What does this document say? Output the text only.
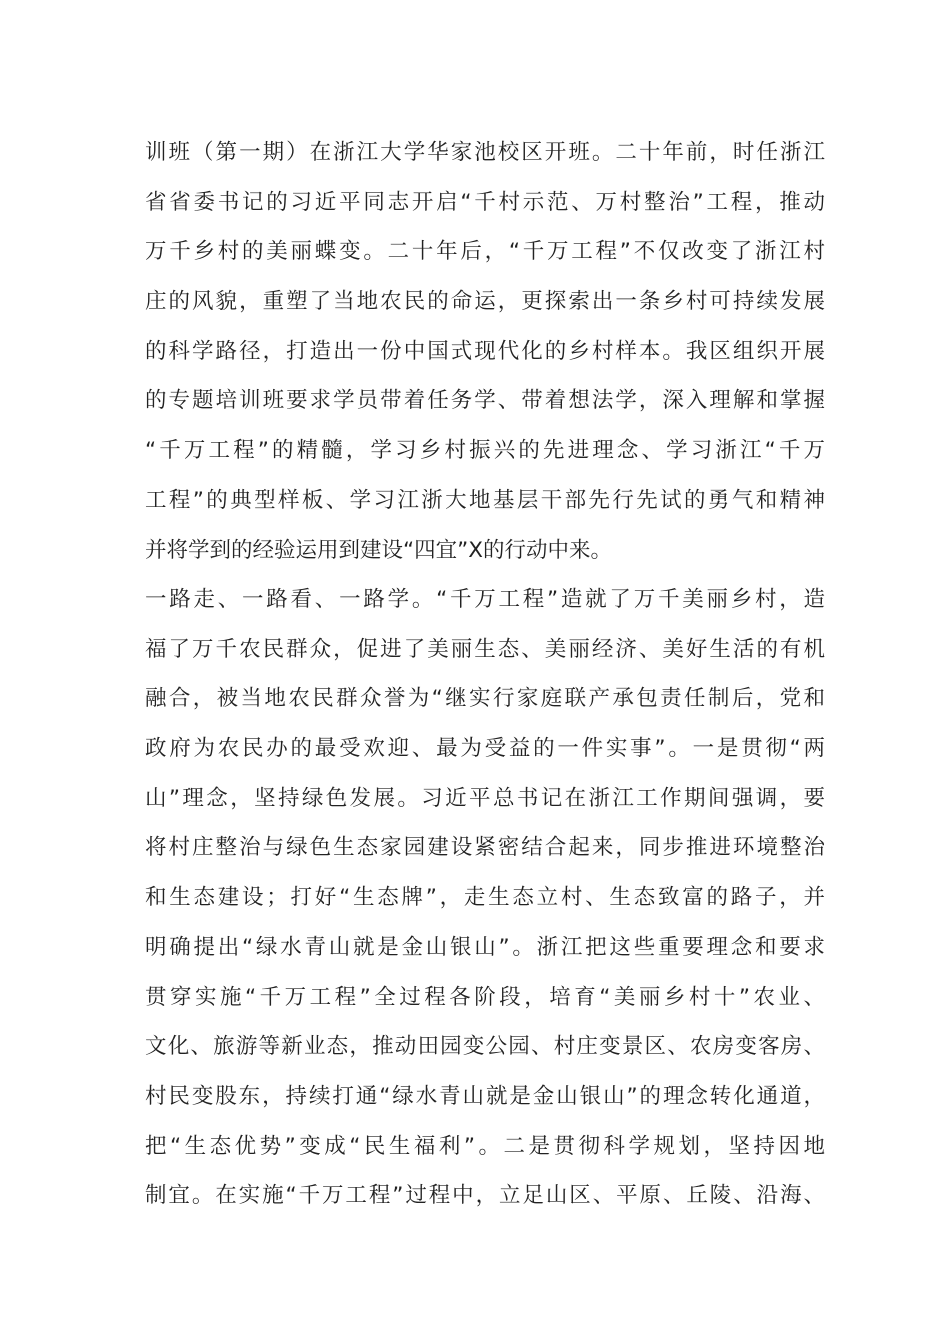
训班（第一期）在浙江大学华家池校区开班。二十年前，时任浙江
省省委书记的习近平同志开启“千村示范、万村整治”工程，推动
万千乡村的美丽蝶变。二十年后，“千万工程”不仅改变了浙江村
庄的风貌，重塑了当地农民的命运，更探索出一条乡村可持续发展
的科学路径，打造出一份中国式现代化的乡村样本。我区组织开展
的专题培训班要求学员带着任务学、带着想法学，深入理解和掌握
“千万工程”的精髓，学习乡村振兴的先进理念、学习浙江“千万
工程”的典型样板、学习江浙大地基层干部先行先试的勇气和精神
并将学到的经验运用到建设“四宜”X的行动中来。
一路走、一路看、一路学。“千万工程”造就了万千美丽乡村，造
福了万千农民群众，促进了美丽生态、美丽经济、美好生活的有机
融合，被当地农民群众誉为“继实行家庭联产承包责任制后，党和
政府为农民办的最受欢迎、最为受益的一件实事”。一是贯彻“两
山”理念，坚持绿色发展。习近平总书记在浙江工作期间强调，要
将村庄整治与绿色生态家园建设紧密结合起来，同步推进环境整治
和生态建设；打好“生态牌”，走生态立村、生态致富的路子，并
明确提出“绿水青山就是金山银山”。浙江把这些重要理念和要求
贯穿实施“千万工程”全过程各阶段，培育“美丽乡村十”农业、
文化、旅游等新业态，推动田园变公园、村庄变景区、农房变客房、
村民变股东，持续打通“绿水青山就是金山银山”的理念转化通道，
把“生态优势”变成“民生福利”。二是贯彻科学规划，坚持因地
制宜。在实施“千万工程”过程中，立足山区、平原、丘陵、沿海、
